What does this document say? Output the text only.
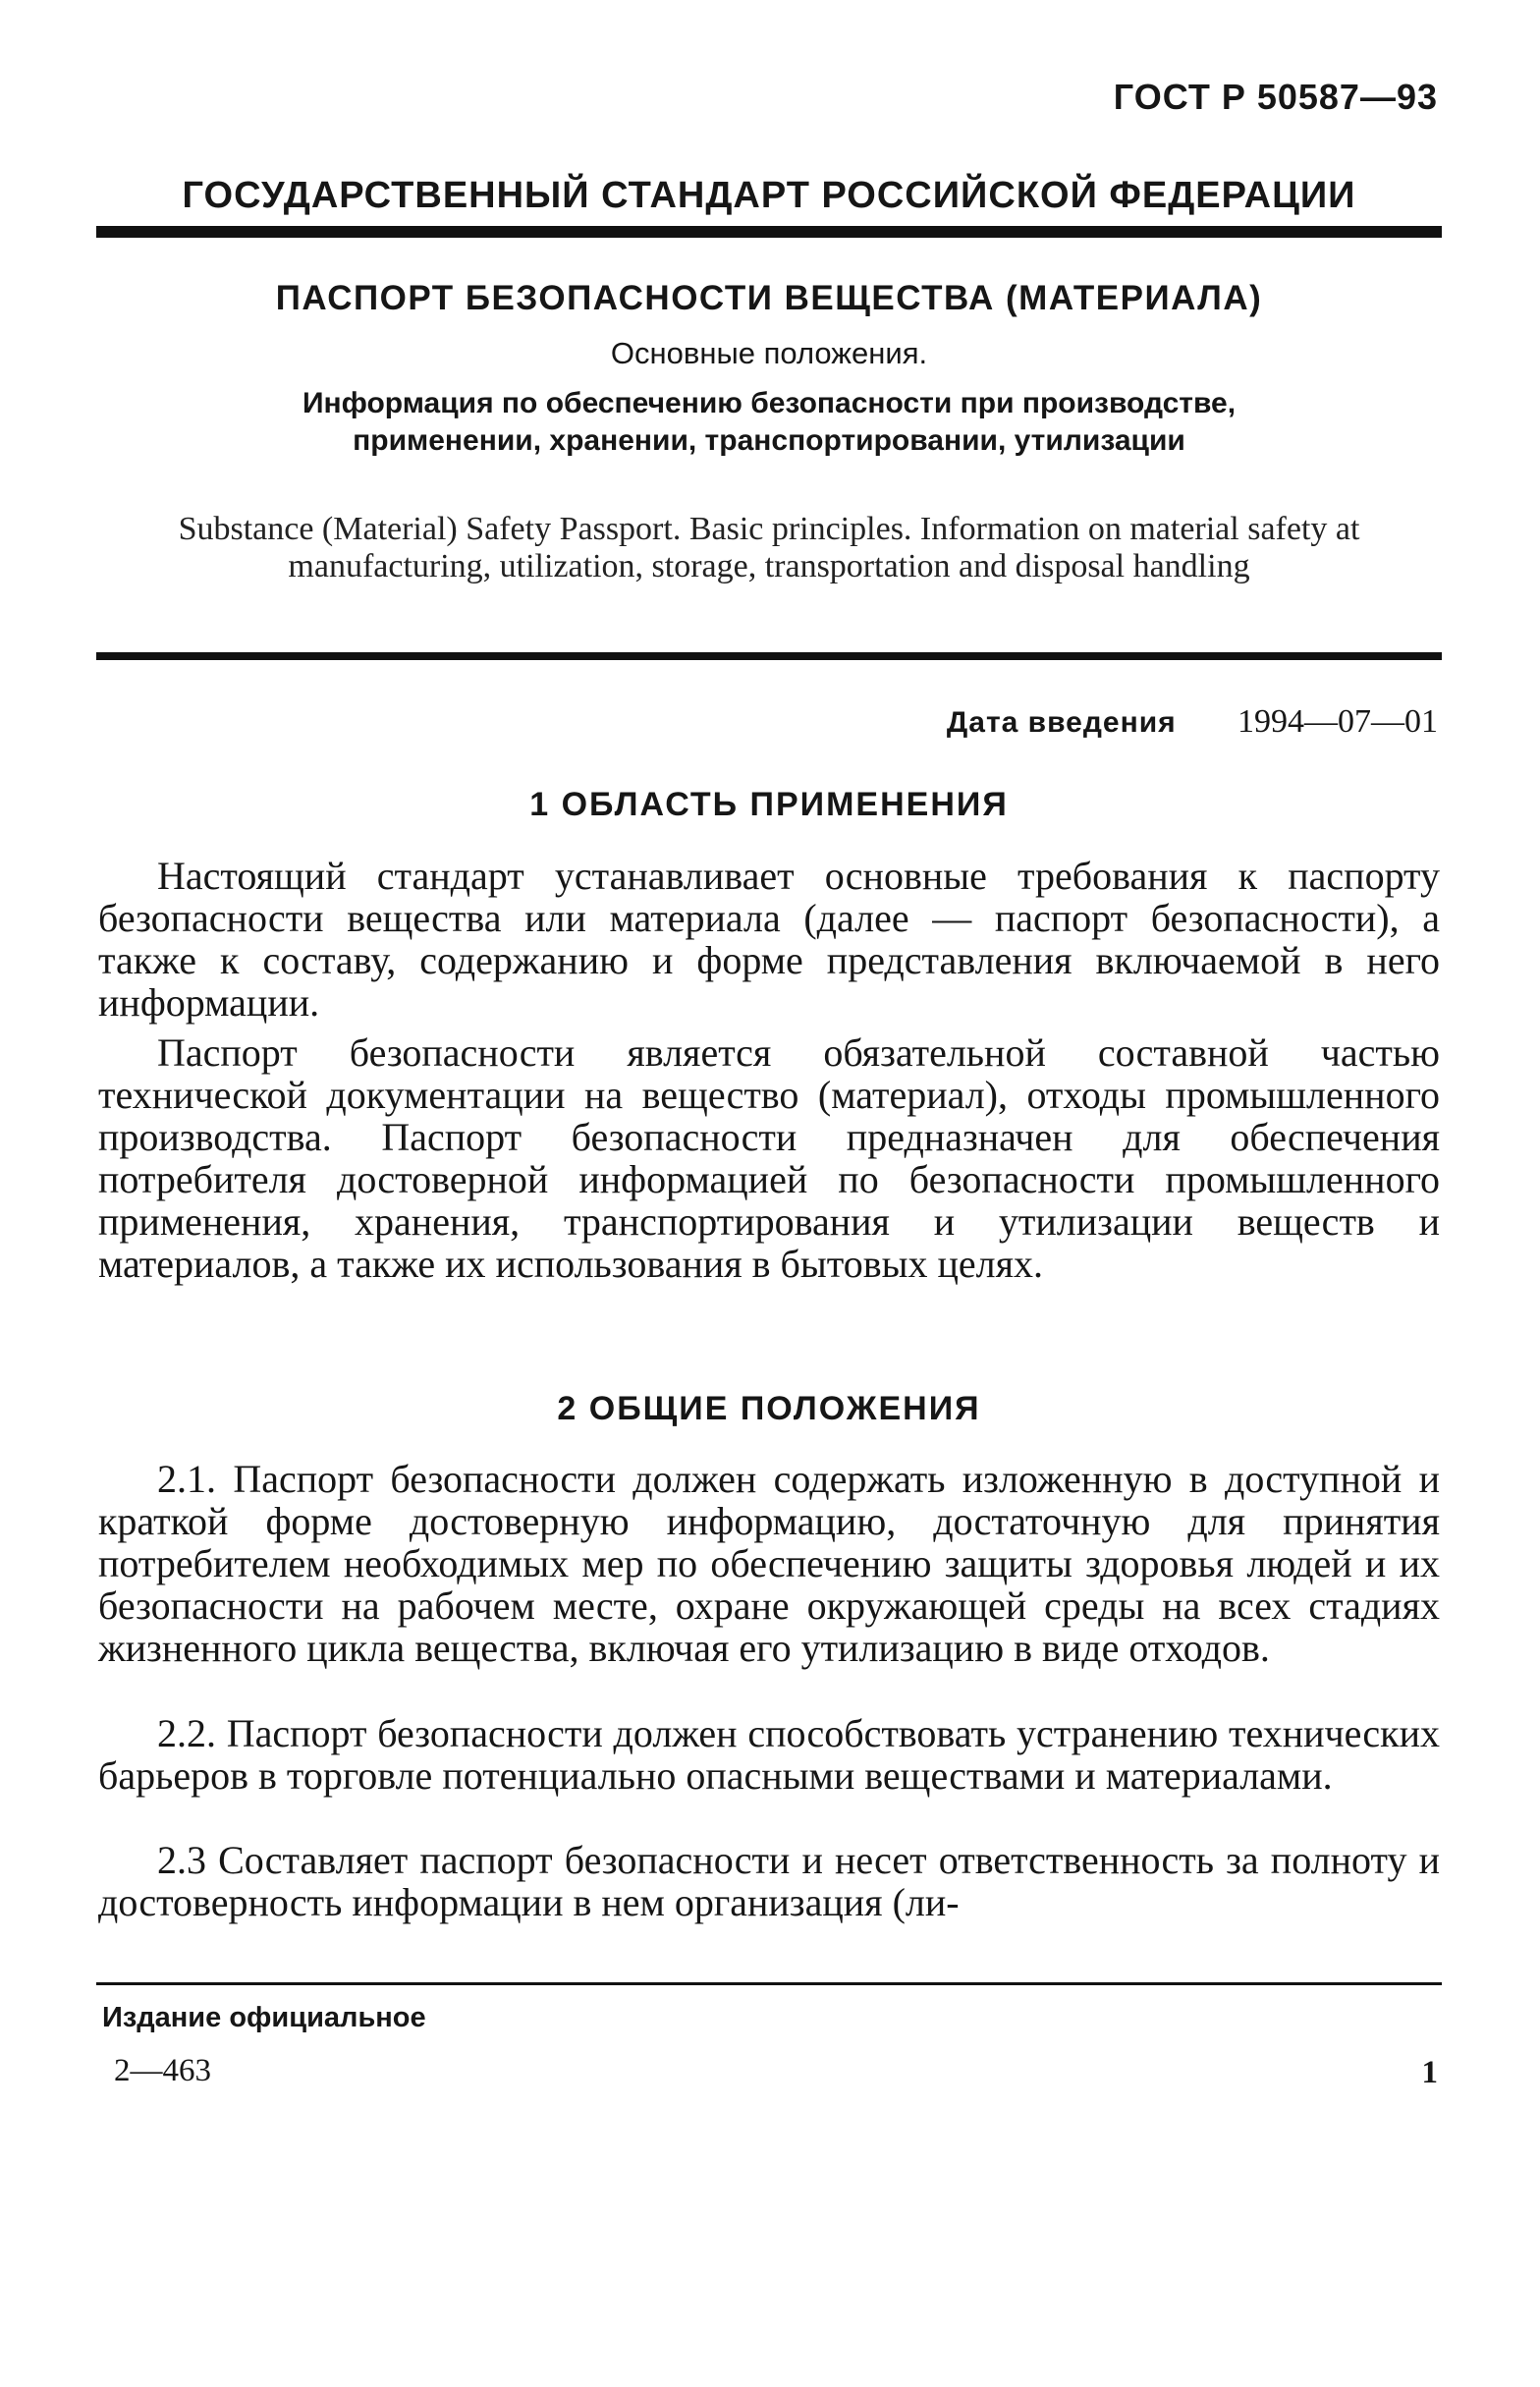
ГОСТ Р 50587—93
ГОСУДАРСТВЕННЫЙ СТАНДАРТ РОССИЙСКОЙ ФЕДЕРАЦИИ
ПАСПОРТ БЕЗОПАСНОСТИ ВЕЩЕСТВА (МАТЕРИАЛА)
Основные положения.
Информация по обеспечению безопасности при производстве, применении, хранении, транспортировании, утилизации
Substance (Material) Safety Passport. Basic principles. Information on material safety at manufacturing, utilization, storage, transportation and disposal handling
Дата введения 1994—07—01
1 ОБЛАСТЬ ПРИМЕНЕНИЯ

Настоящий стандарт устанавливает основные требования к паспорту безопасности вещества или материала (далее — паспорт безопасности), а также к составу, содержанию и форме представления включаемой в него информации.

Паспорт безопасности является обязательной составной частью технической документации на вещество (материал), отходы промышленного производства. Паспорт безопасности предназначен для обеспечения потребителя достоверной информацией по безопасности промышленного применения, хранения, транспортирования и утилизации веществ и материалов, а также их использования в бытовых целях.

2 ОБЩИЕ ПОЛОЖЕНИЯ

2.1. Паспорт безопасности должен содержать изложенную в доступной и краткой форме достоверную информацию, достаточную для принятия потребителем необходимых мер по обеспечению защиты здоровья людей и их безопасности на рабочем месте, охране окружающей среды на всех стадиях жизненного цикла вещества, включая его утилизацию в виде отходов.

2.2. Паспорт безопасности должен способствовать устранению технических барьеров в торговле потенциально опасными веществами и материалами.

2.3 Составляет паспорт безопасности и несет ответственность за полноту и достоверность информации в нем организация (ли-

Издание официальное
2—463	1
